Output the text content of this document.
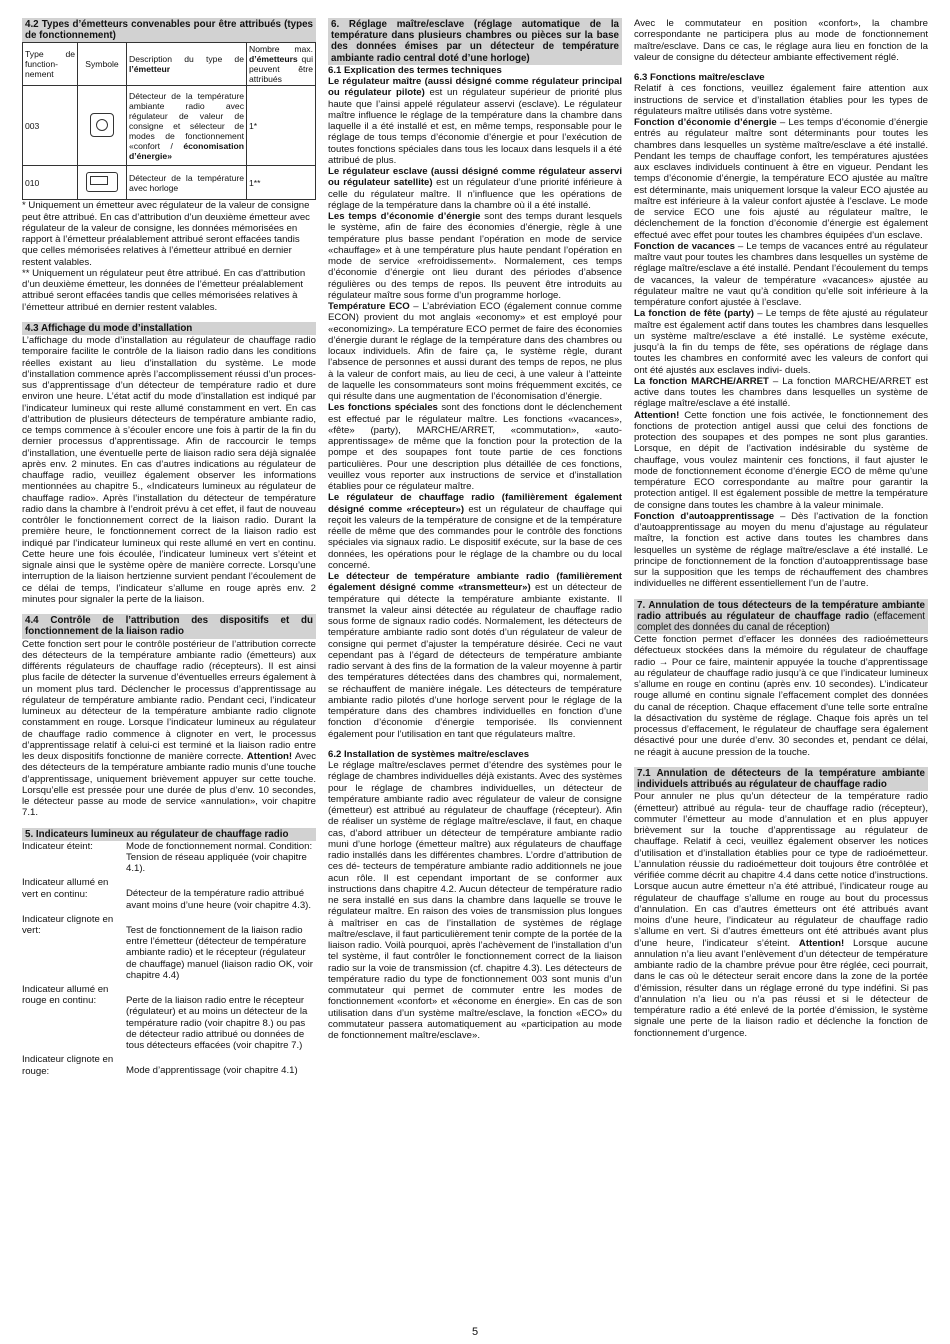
4.2 Types d’émetteurs convenables pour être attribués (types de fonctionnement)

Type de function-nement	Symbole	Description du type de l’émetteur	Nombre max. d’émetteurs qui peuvent être attribués
003		Détecteur de la température ambiante radio avec régulateur de valeur de consigne et sélecteur de modes de fonctionnement «confort / économisation d’énergie»	1*
010		Détecteur de la température avec horloge	1**

* Uniquement un émetteur avec régulateur de la valeur de consigne peut être attribué. En cas d’attribution d’un deuxième émetteur avec régulateur de la valeur de consigne, les données mémorisées en rapport à l’émetteur préalablement attribué seront effacées tandis que celles mémorisées relatives à l’émetteur attribué en dernier restent valables.

** Uniquement un régulateur peut être attribué. En cas d’attribution d’un deuxième émetteur, les données de l’émetteur préalablement attribué seront effacées tandis que celles mémorisées relatives à l’émetteur attribué en dernier restent valables.

4.3 Affichage du mode d’installation

L’affichage du mode d’installation au régulateur de chauffage radio temporaire facilite le contrôle de la liaison radio dans les conditions réelles existant au lieu d’installation du système. Le mode d’installation commence après l’accomplissement réussi d’un proces- sus d’apprentissage d’un détecteur de température radio et dure environ une heure. L’état actif du mode d’installation est indiqué par l’indicateur lumineux qui reste allumé constamment en vert. En cas d’attribution de plusieurs détecteurs de température ambiante radio, ce temps commence à s’écouler encore une fois à partir de la fin du dernier processus d’apprentissage. Afin de raccourcir le temps d’installation, une éventuelle perte de liaison radio sera déjà signalée après env. 2 minutes. En cas d’autres indications au régulateur de chauffage radio, veuillez également observer les informations mentionnées au chapitre 5., «Indicateurs lumineux au régulateur de chauffage radio». Après l’installation du détecteur de température radio dans la chambre à l’endroit prévu à cet effet, il faut de nouveau contrôler le fonctionnement correct de la liaison radio. Durant la première heure, le fonctionnement correct de la liaison radio est indiqué par l’indicateur lumineux qui reste allumé en vert en continu. Cette heure une fois écoulée, l’indicateur lumineux vert s’éteint et signale ainsi que le système opère de manière correcte. Lorsqu’une interruption de la liaison hertzienne survient pendant l’écoulement de ce délai de temps, l’indicateur s’allume en rouge après env. 2 minutes pour signaler la perte de la liaison.

4.4 Contrôle de l’attribution des dispositifs et du fonctionnement de la liaison radio

Cette fonction sert pour le contrôle postérieur de l’attribution correcte des détecteurs de la température ambiante radio (émetteurs) aux différents régulateurs de chauffage radio (récepteurs). Il est ainsi plus facile de détecter la survenue d’éventuelles erreurs également à un moment plus tard. Déclencher le processus d’apprentissage au régulateur de température ambiante radio. Pendant ceci, l’indicateur lumineux au détecteur de la température ambiante radio clignote constamment en rouge. Lorsque l’indicateur lumineux au régulateur de chauffage radio commence à clignoter en vert, le processus d’apprentissage relatif à celui-ci est terminé et la liaison radio entre les deux dispositifs fonctionne de manière correcte. Attention! Avec des détecteurs de la température ambiante radio munis d’une touche d’apprentissage, uniquement brièvement appuyer sur cette touche. Lorsqu’elle est pressée pour une durée de plus d’env. 10 secondes, le détecteur passe au mode de service «annulation», voir chapitre 7.1.

5. Indicateurs lumineux au régulateur de chauffage radio

Indicateur éteint:	Mode de fonctionnement normal. Condition: Tension de réseau appliquée (voir chapitre 4.1).
Indicateur allumé en vert en continu:	Détecteur de la température radio attribué avant moins d’une heure (voir chapitre 4.3).
Indicateur clignote en vert:	Test de fonctionnement de la liaison radio entre l’émetteur (détecteur de température ambiante radio) et le récepteur (régulateur de chauffage) manuel (liaison radio OK, voir chapitre 4.4)
Indicateur allumé en rouge en continu:	Perte de la liaison radio entre le récepteur (régulateur) et au moins un détecteur de la température radio (voir chapitre 8.) ou pas de détecteur radio attribué ou données de tous détecteurs effacées (voir chapitre 7.)
Indicateur clignote en rouge:	Mode d’apprentissage (voir chapitre 4.1)

6. Réglage maître/esclave (réglage automatique de la température dans plusieurs chambres ou pièces sur la base des données émises par un détecteur de température ambiante radio central doté d’une horloge)

6.1 Explication des termes techniques

Le régulateur maître (aussi désigné comme régulateur principal ou régulateur pilote) est un régulateur supérieur de priorité plus haute que l’ainsi appelé régulateur asservi (esclave). Le régulateur maître influence le réglage de la température dans la chambre dans laquelle il a été installé et est, en même temps, responsable pour le réglage de tous temps d’économie d’énergie et pour l’exécution de toutes fonctions spéciales dans tous les locaux dans lesquels il a été attribué de plus.

Le régulateur esclave (aussi désigné comme régulateur asservi ou régulateur satellite) est un régulateur d’une priorité inférieure à celle du régulateur maître. Il n’influence que les opérations de réglage de la température dans la chambre où il a été installé.

Les temps d’économie d’énergie sont des temps durant lesquels le système, afin de faire des économies d’énergie, règle à une température plus basse pendant l’opération en mode de service «chauffage» et à une température plus haute pendant l’opération en mode de service «refroidissement». Normalement, ces temps d’économie d’énergie ont lieu durant des périodes d’absence régulières ou des temps de repos. Ils peuvent être introduits au régulateur maître sous forme d’un programme horloge.

Température ECO – L’abréviation ECO (également connue comme ECON) provient du mot anglais «economy» et est employé pour «economizing». La température ECO permet de faire des économies d’énergie durant le réglage de la température dans des chambres ou locaux individuels. Afin de faire ça, le système règle, durant l’absence de personnes et aussi durant des temps de repos, ne plus à la valeur de confort mais, au lieu de ceci, à une valeur à l’atteinte de laquelle les consommateurs sont moins fréquemment excités, ce qui résulte dans une augmentation de l’économisation d’énergie.

Les fonctions spéciales sont des fonctions dont le déclenchement est effectué par le régulateur maître. Les fonctions «vacances», «fête» (party), MARCHE/ARRET, «commutation», «auto-apprentissage» de même que la fonction pour la protection de la pompe et des soupapes font toute partie de ces fonctions particulières. Pour une description plus détaillée de ces fonctions, veuillez vous reporter aux instructions de service et d’installation établies pour ce régulateur maître.

Le régulateur de chauffage radio (familièrement également désigné comme «récepteur») est un régulateur de chauffage qui reçoit les valeurs de la température de consigne et de la température réelle de même que des commandes pour le contrôle des fonctions spéciales via signaux radio. Le dispositif exécute, sur la base de ces données, les opérations pour le réglage de la chambre ou du local concerné.

Le détecteur de température ambiante radio (familièrement également désigné comme «transmetteur») est un détecteur de température qui détecte la température ambiante existante. Il transmet la valeur ainsi détectée au régulateur de chauffage radio sous forme de signaux radio codés. Normalement, les détecteurs de température ambiante radio sont dotés d’un régulateur de valeur de consigne qui permet d’ajuster la température désirée. Ceci ne vaut cependant pas à l’égard de détecteurs de température ambiante radio servant à des fins de la formation de la valeur moyenne à partir des températures détectées dans des chambres qui, normalement, se réchauffent de manière inégale. Les détecteurs de température ambiante radio pilotés d’une horloge servent pour le réglage de la température dans des chambres individuelles en fonction d’une fonction d’économie d’énergie temporisée. Ils conviennent également pour l’utilisation en tant que régulateurs maître.

6.2 Installation de systèmes maître/esclaves

Le réglage maître/esclaves permet d’étendre des systèmes pour le réglage de chambres individuelles déjà existants. Avec des systèmes pour le réglage de chambres individuelles, un détecteur de température ambiante radio avec régulateur de valeur de consigne (émetteur) est attribué au régulateur de chauffage (récepteur). Afin de réaliser un système de réglage maître/esclave, il faut, en chaque cas, d’abord attribuer un détecteur de température ambiante radio muni d’une horloge (émetteur maître) aux régulateurs de chauffage radio installés dans les différentes chambres. L’ordre d’attribution de ces dé- tecteurs de température ambiante radio additionnels ne joue acun rôle. Il est cependant important de se conformer aux instructions dans chapitre 4.2. Aucun détecteur de température radio ne sera installé en sus dans la chambre dans laquelle se trouve le régulateur maître. En raison des voies de transmission plus longues à maîtriser en cas de l’installation de systèmes de réglage maître/esclave, il faut particulièrement tenir compte de la portée de la liaison radio. Voilà pourquoi, après l’achèvement de l’installation d’un tel système, il faut contrôler le fonctionnement correct de la liaison radio sur la voie de transmission (cf. chapitre 4.3). Les détecteurs de température radio du type de fonctionnement 003 sont munis d’un commutateur qui permet de commuter entre les modes de fonctionnement «confort» et «économe en énergie». En cas de son utilisation dans d’un système maître/esclave, la fonction «ECO» du commutateur passera automatiquement au «participation au mode de fonctionnement maître/esclave».

Avec le commutateur en position «confort», la chambre correspondante ne participera plus au mode de fonctionnement maître/esclave. Dans ce cas, le réglage aura lieu en fonction de la valeur de consigne du détecteur ambiante effectivement réglé.

6.3 Fonctions maître/esclave

Relatif à ces fonctions, veuillez également faire attention aux instructions de service et d’installation établies pour les types de régulateurs maître utilisés dans votre système.

Fonction d’économie d’énergie – Les temps d’économie d’énergie entrés au régulateur maître sont déterminants pour toutes les chambres dans lesquelles un système maître/esclave a été installé. Pendant les temps de chauffage confort, les températures ajustées aux esclaves individuels continuent à être en vigueur. Pendant les temps d’économie d’énergie, la température ECO ajustée au maître est déterminante, mais uniquement lorsque la valeur ECO ajustée au maître est inférieure à la valeur confort ajustée à l’esclave. Le mode de service ECO une fois ajusté au régulateur maître, le déclenchement de la fonction d’économie d’énergie est également effectué avec effet pour toutes les chambres équipées d’un esclave.

Fonction de vacances – Le temps de vacances entré au régulateur maître vaut pour toutes les chambres dans lesquelles un système de réglage maître/esclave a été installé. Pendant l’écoulement du temps de vacances, la valeur de température «vacances» ajustée au régulateur maître ne vaut qu’à condition qu’elle soit inférieure à la température confort ajustée à l’esclave.

La fonction de fête (party) – Le temps de fête ajusté au régulateur maître est également actif dans toutes les chambres dans lesquelles un système maître/esclave a été installé. Le système exécute, jusqu’à la fin du temps de fête, ses opérations de réglage dans toutes les chambres en conformité avec les valeurs de confort qui ont été ajustés aux esclaves indivi- duels.

La fonction MARCHE/ARRET – La fonction MARCHE/ARRET est active dans toutes les chambres dans lesquelles un système de réglage maître/esclave a été installé.

Attention! Cette fonction une fois activée, le fonctionnement des fonctions de protection antigel aussi que celui des fonctions de protection des soupapes et des pompes ne sont plus garanties. Lorsque, en dépit de l’activation indésirable du système de chauffage, vous voulez maintenir ces fonctions, il faut ajuster le mode de fonctionnement économe d’énergie ECO de même qu’une température ECO correspondante au maître pour garantir la protection antigel. Il est également possible de mettre la température de consigne dans toutes les chambre à la valeur minimale.

Fonction d’autoapprentissage – Dès l’activation de la fonction d’autoapprentissage au moyen du menu d’ajustage au régulateur maître, la fonction est active dans toutes les chambres dans lesquelles un système de réglage maître/esclave a été installé. Le principe de fonctionnement de la fonction d’autoapprentissage base sur la supposition que les temps de réchauffement des chambres individuelles ne diffèrent essentiellement l’un de l’autre.

7. Annulation de tous détecteurs de la température ambiante radio attribués au régulateur de chauffage radio (effacement complet des données du canal de réception)

Cette fonction permet d’effacer les données des radioémetteurs défectueux stockées dans la mémoire du régulateur de chauffage radio → Pour ce faire, maintenir appuyée la touche d’apprentissage au régulateur de chauffage radio jusqu’à ce que l’indicateur lumineux s’allume en rouge en continu (après env. 10 secondes). L’indicateur rouge allumé en continu signale l’effacement complet des données du canal de réception. Chaque effacement d’une telle sorte entraîne la désactivation du système de réglage. Chaque fois après un tel processus d’effacement, le régulateur de chauffage sera également désactivé pour une durée d’env. 30 secondes et, pendant ce délai, ne réagit à aucune pression de la touche.

7.1 Annulation de détecteurs de la température ambiante individuels attribués au régulateur de chauffage radio

Pour annuler ne plus qu’un détecteur de la température radio (émetteur) attribué au régula- teur de chauffage radio (récepteur), commuter l’émetteur au mode d’annulation et en plus appuyer brièvement sur la touche d’apprentissage au régulateur de chauffage. Relatif à ceci, veuillez également observer les notices d’utilisation et d’installation établies pour ce type de radioémetteur. L’annulation réussie du radioémetteur doit toujours être contrôlée et vérifiée comme décrit au chapitre 4.4 dans cette notice d’instructions. Lorsque aucun autre émetteur n’a été attribué, l’indicateur rouge au régulateur de chauffage s’allume en rouge au bout du processus d’annulation. En cas d’autres émetteurs ont été attribués avant moins d’une heure, l’indicateur au régulateur de chauffage radio s’allume en vert. Si d’autres émetteurs ont été attribués avant plus d’une heure, l’indicateur s’éteint. Attention! Lorsque aucune annulation n’a lieu avant l’enlèvement d’un détecteur de température ambiante radio de la chambre prévue pour être réglée, ceci pourrait, dans le cas où le détecteur serait encore dans la zone de la portée d’émission, résulter dans un réglage erroné du type indéfini. Si pas d’annulation n’a lieu ou n’a pas réussi et si le détecteur de température radio a été enlevé de la portée d’émission, le système signale une perte de la liaison radio et déclenche la fonction de fonctionnement d’urgence.

5
